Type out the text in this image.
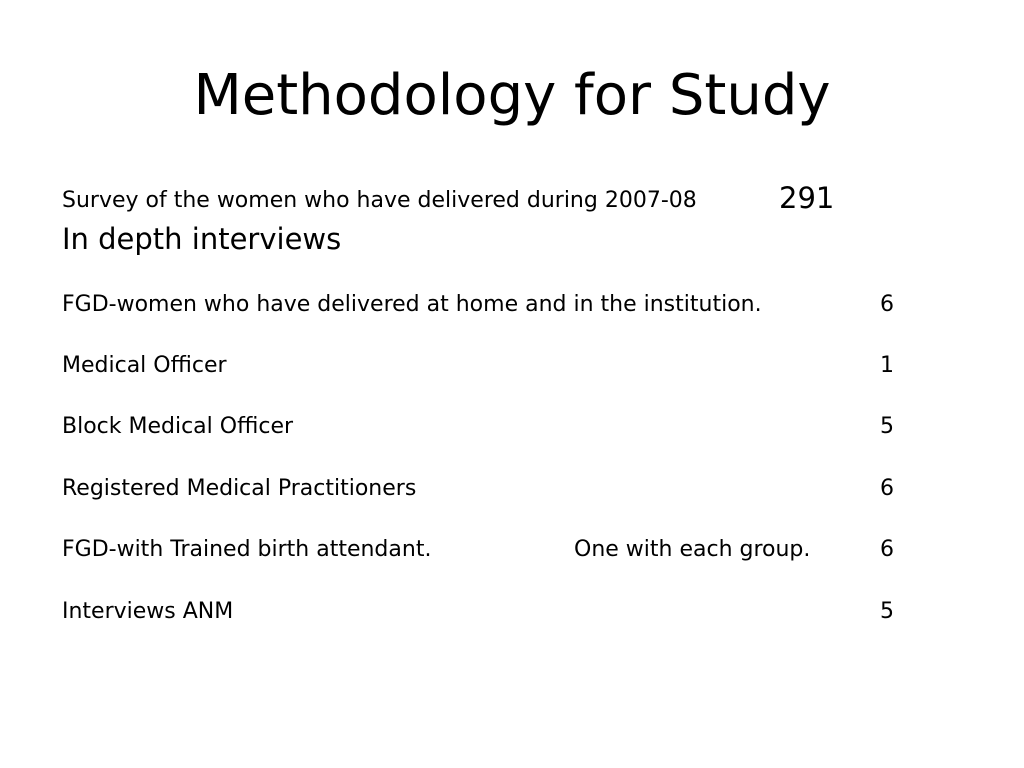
Methodology for Study
Survey of the women who have delivered during 2007-08	291
In depth interviews
FGD-women who have delivered at home and in the institution.	6
Medical Officer	1
Block Medical Officer	5
Registered Medical Practitioners	6
FGD-with Trained birth attendant.	One with each group.	6
Interviews ANM	5
